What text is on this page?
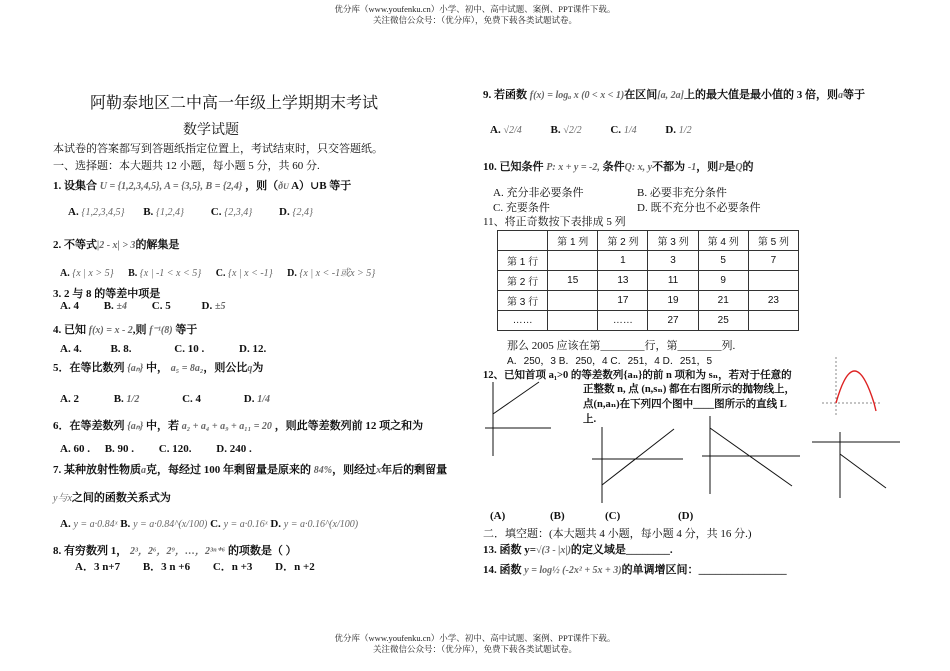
优分库（www.youfenku.cn）小学、初中、高中试题、案例、PPT课件下载。
关注微信公众号：（优分库），免费下载各类试题试卷。
阿勒泰地区二中高一年级上学期期末考试
数学试题
本试卷的答案都写到答题纸指定位置上，考试结束时，只交答题纸。
一、选择题：本大题共 12 小题，每小题 5 分，共 60 分.
1. 设集合 U = {1,2,3,4,5}, A = {3,5}, B = {2,4} ，则（ðU A）∪B 等于
A. {1,2,3,4,5} B. {1,2,4} C. {2,3,4} D. {2,4}
2. 不等式|2 - x| > 3的解集是
A. {x | x > 5} B. {x | -1 < x < 5} C. {x | x < -1} D. {x | x < -1或x > 5}
3. 2 与 8 的等差中项是
A. 4 B. ±4 C. 5	D. ±5
4. 已知 f(x) = x - 2,则 f⁻¹(8) 等于
A. 4.	B. 8.	C. 10 .	D. 12.
5．在等比数列 {aₙ} 中， a₅ = 8a₂，则公比q为
A. 2	B. 1/2	C. 4	D. 1/4
6．在等差数列 {aₙ} 中，若 a₂ + a₄ + a₉ + a₁₁ = 20 ，则此等差数列前 12 项之和为
A. 60 . B. 90 . C. 120. D. 240 .
7. 某种放射性物质a克，每经过 100 年剩留量是原来的 84%，则经过x年后的剩留量
y与x之间的函数关系式为
A. y = a·0.84ˣ B. y = a·0.84^(x/100) C. y = a·0.16ˣ D. y = a·0.16^(x/100)
8. 有穷数列 1， 2³，2⁶，2⁹，…，2³ⁿ⁺⁶ 的项数是（ ）
A．3 n+7 B．3 n +6 C．n +3 D．n +2
9. 若函数 f(x) = logₐ x (0 < x < 1)在区间[a, 2a]上的最大值是最小值的 3 倍，则a等于
A. √2/4	B. √2/2	C. 1/4	D. 1/2
10. 已知条件 P: x + y = -2, 条件Q: x, y不都为 -1，则P是Q的
A. 充分非必要条件	B. 必要非充分条件
C. 充要条件	D. 既不充分也不必要条件
11、将正奇数按下表排成 5 列
	第 1 列	第 2 列	第 3 列	第 4 列	第 5 列
第 1 行		1	3	5	7
第 2 行	15	13	11	9	
第 3 行		17	19	21	23
……		……	27	25	
那么 2005 应该在第________行，第________列.
A．250，3 B．250，4 C．251，4 D．251，5
12、已知首项 a₁>0 的等差数列{aₙ}的前 n 项和为 sₙ，若对于任意的
正整数 n, 点 (n,sₙ) 都在右图所示的抛物线上，
点(n,aₙ)在下列四个图中____图所示的直线 L
上.
(A)	(B)	(C)	(D)
二．填空题：(本大题共 4 小题，每小题 4 分，共 16 分.)
13. 函数 y=√(3 - |x|)的定义域是________.
14. 函数 y = log½ (-2x² + 5x + 3)的单调增区间：________________
优分库（www.youfenku.cn）小学、初中、高中试题、案例、PPT课件下载。
关注微信公众号：（优分库），免费下载各类试题试卷。
